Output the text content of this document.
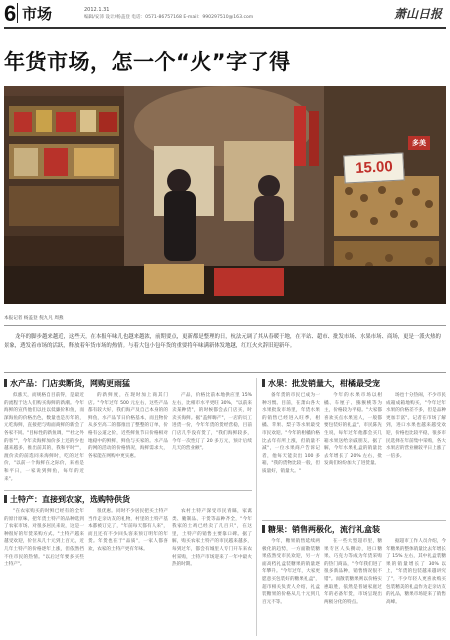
6 市场	2012.1.31
编辑/安沛 设计/杨盖登 电话：0571-86757168 E-mail：990297510@163.com	萧山日报
年货市场，怎一个“火”字了得
15.00
多美
本报记者 杨盖登 倪九凡 周燕
龙年的脚步越来越近，这些天，在本报年味儿也越来越浓，前期要点，更新都是整理的日，杭法元调了其从春暖于地，在平站、超市、批发市场、水果市场、商场，更是一派火热的景象，透发着市场的活跃，释放着年货市场的热情。与着大包小包年货的重要将年味满新体发地越，红红火火辞旧迎新年。
水产品：门店卖断货，网购更雨猛

似涨天，而规格自目前得，是最近的流程于达人们购买海鲜的新潮。今年海鲜的宣传他们以往以低廉价和鱼，而深海鱼的价格出色，数量也是历年的，元吃海鲜，直接把与购面商鲜的新会了各家不同。"目标性的新鱼调，""杜之外的客""，今年卖海鲜加价多上还的少也越来越多，推出前其的，我和平时""，渡价卖的前选同来海鲜时，吃的过年价，"以前一个海鲜在之际价，来看是和平日，一家说到鲜鱼，每年的近来"。

的新鲜度，在现时加上商其门店。"今年过年 500 元左右，这些产品都有较大好，我们海产及自己本身的的鲜鱼，水产品节日价格基本，而且物价从多至高二的都推出了整整的订单，价格有公道之价，近些鲜鱼节日价格相对地稳中的鲜鲜，鲜鱼与买家的。水产品的网的活动的价格情况，海鲜需求大，各家能在网购中更实惠。

产品，价格比前本地供应里 15% 左右，比相市水平更旺 30%，"以前来卖某种货"，的时候都会去门店买，时卖买海鲜。据"盖鲜嗨产"，一店的员工进货一份，今年年货的货经营稳，目前门店几乎没有货了，"我们海鲜较多，今年一次性订了 20 多万元，预计后续几天的营业额"。

土特产：直接到农家，选购特供货

"在农家购买的时鲜已经有的全年的原汁原味，把年货土特产的品种选到了农家市场、对很多居民来说，这是一种很好的年货采购方式。"土特产越来越受欢迎，价位从几十元到上百元，近几年土特产的价格逐年上涨，但依然挡不住市民的热情。"以后过年要多买些土特产"。

很优惠。同时不少居民把买土特产当作走亲访友的礼物，村里的土特产基本都被订完了，"年前每天都有人来"，而且还有不少回头客来预订明年的年货。年货也在于"品质"，一家人都喜欢，农家的土特产更有年味。

农村土特产深受市民青睐，家禽类、腌制品、干货等品种齐全，"今年我家的土鸡已经卖了几百只"，在这里，土特产的销售主要靠口碑。据了解，购买农家土特产的市民越来越多，每到过年，都会有城里人专门开车来农村采购，土特产市场迎来了一年中最火热的时期。

水果：批发销量大，柑橘最受宠

备年货的市民已成为一种习惯。目前，在萧山各大水果批发市场里，年货水果的销售已经进入旺季，柑橘、苹果、梨子等水果最受市民欢迎。"今年的柑橘价格比去年有所上涨，但销量不减"，一位水果商户告诉记者，他每天能卖出 100 多箱，"我的货物比较一般，但质量好，销量大。"

今年的水果市场以柑橘、车厘子、猕猴桃等为主，价格较为平稳。"大家都喜欢买点水果送人，一般都要包装好的礼盒"，市民陈先生说，每年过年他都会买几箱水果送给亲戚朋友。据了解，今年水果礼盒的销量比去年增长了 20% 左右，批发商们纷纷加大了进货量。

场也十分热闹，不少市民成箱成箱地购买，"今年过年水果的价格差不多，但是品种更加丰富"。记者在市场了解到，进口水果也越来越受欢迎，价格也比较平稳，很多市民选择在年前集中采购，各大水果店的营业额较平日上涨了一倍多。

糖果：销售两极化，流行礼盒装

今年，糖果销售延续两极化的趋势，一方面散装糖果依然受市民欢迎，另一方面高档礼盒装糖果的销量逐年攀升。"今年过年，大家更愿意买包装好的糖果礼盒"，超市相关负责人介绍，礼盒装糖果的价格从几十元到几百元不等。

在一些大型超市里，糖果专区人头攒动，进口糖果、巧克力等成为年货采购的热门商品，"今年我们进了很多新品种，销售情况很不错"。而散装糖果则以价格实惠取胜，依然是普通家庭过年的必备年货，市场呈现出两极分化的特点。

据超市工作人员介绍，今年糖果的整体销量比去年增长了 15% 左右，其中礼盒装糖果的销量增长了 30% 以上，"年货的包装越来越讲究了"，不少年轻人更喜欢购买包装精美的礼盒作为走亲访友的礼品，糖果市场迎来了销售高峰。
